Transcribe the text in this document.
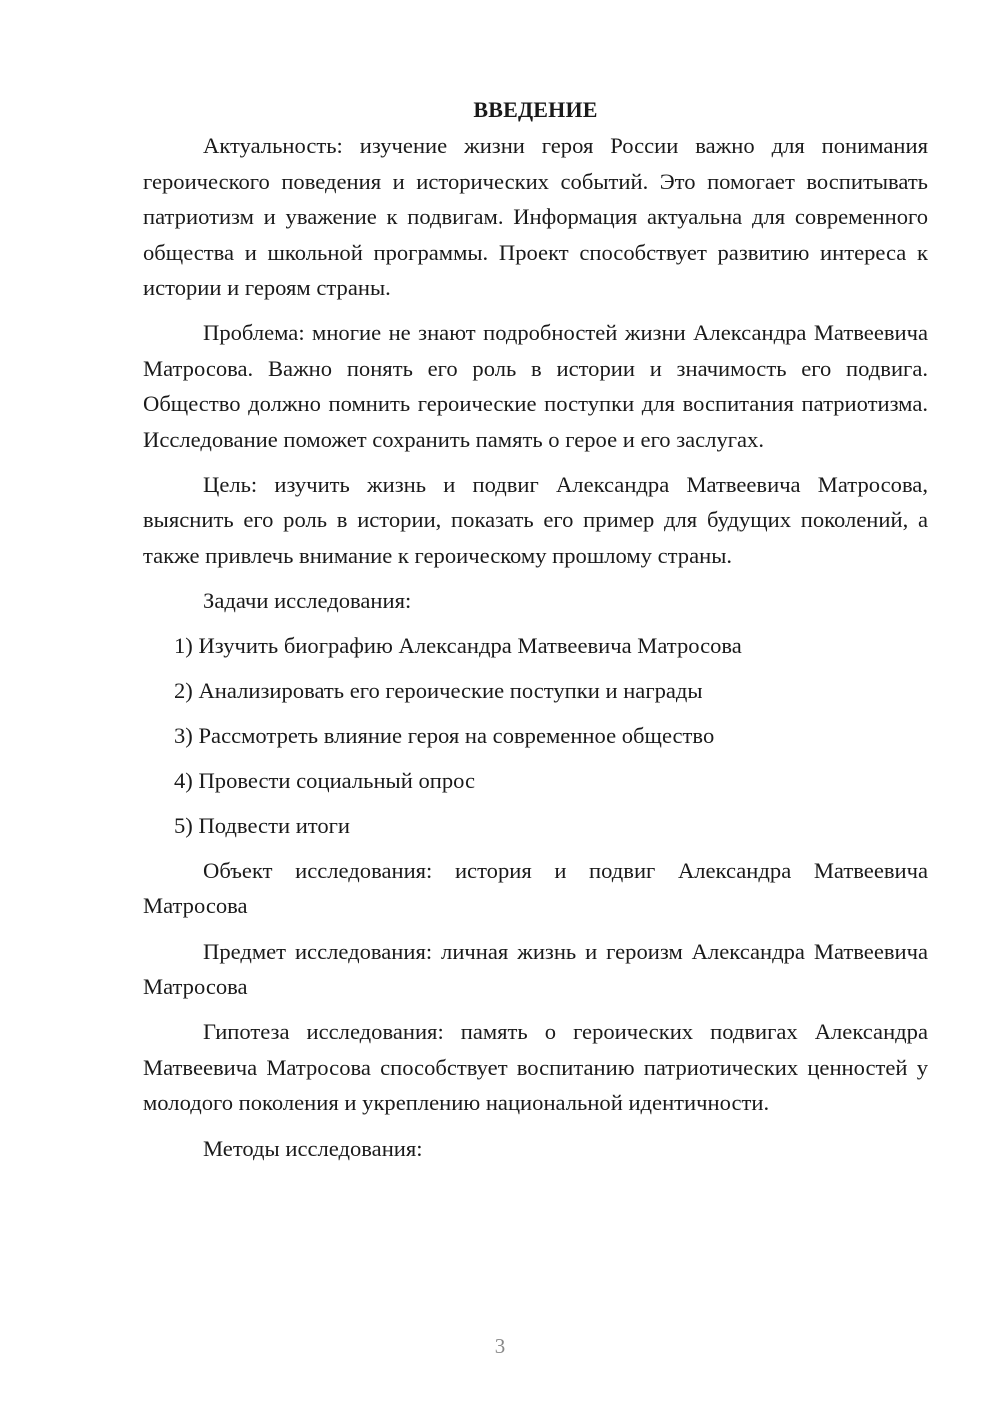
ВВЕДЕНИЕ

Актуальность: изучение жизни героя России важно для понимания героического поведения и исторических событий. Это помогает воспитывать патриотизм и уважение к подвигам. Информация актуальна для современного общества и школьной программы. Проект способствует развитию интереса к истории и героям страны.

Проблема: многие не знают подробностей жизни Александра Матвеевича Матросова. Важно понять его роль в истории и значимость его подвига. Общество должно помнить героические поступки для воспитания патриотизма. Исследование поможет сохранить память о герое и его заслугах.

Цель: изучить жизнь и подвиг Александра Матвеевича Матросова, выяснить его роль в истории, показать его пример для будущих поколений, а также привлечь внимание к героическому прошлому страны.

Задачи исследования:

1) Изучить биографию Александра Матвеевича Матросова
2) Анализировать его героические поступки и награды
3) Рассмотреть влияние героя на современное общество
4) Провести социальный опрос
5) Подвести итоги

Объект исследования: история и подвиг Александра Матвеевича Матросова

Предмет исследования: личная жизнь и героизм Александра Матвеевича Матросова

Гипотеза исследования: память о героических подвигах Александра Матвеевича Матросова способствует воспитанию патриотических ценностей у молодого поколения и укреплению национальной идентичности.

Методы исследования:

3
